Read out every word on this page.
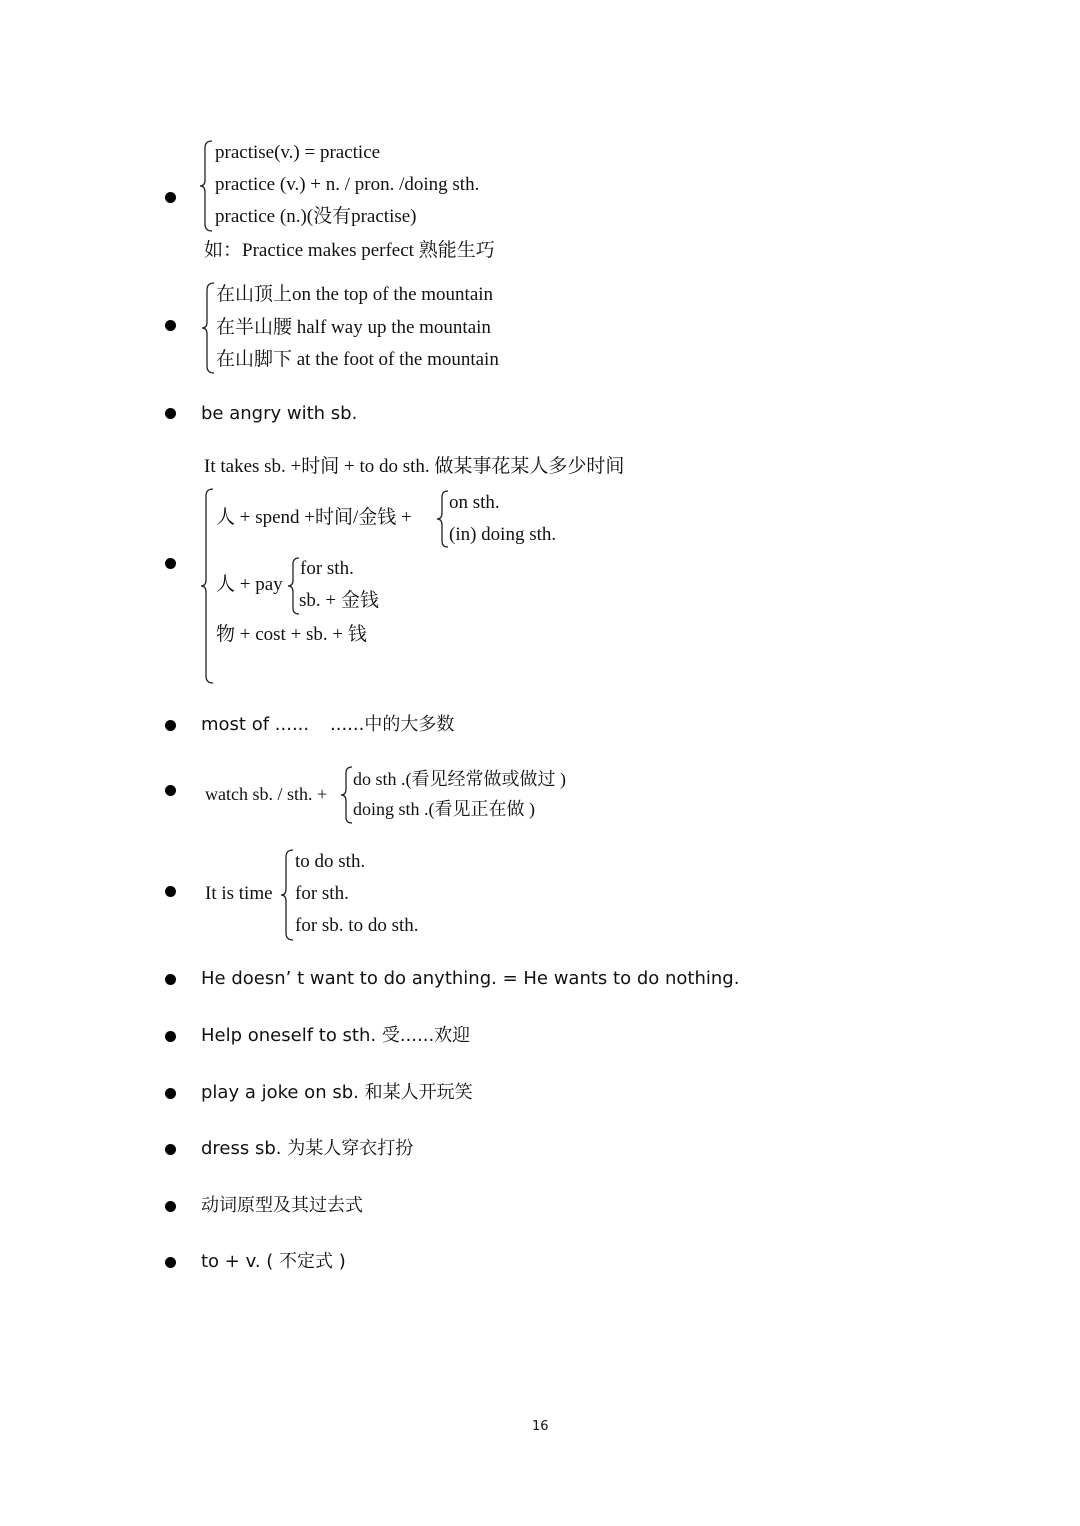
practise(v.) = practice
practice (v.) + n. / pron. /doing sth.
practice (n.)(没有practise)
如：Practice makes perfect 熟能生巧
在山顶上on the top of the mountain
在半山腰 half way up the mountain
在山脚下 at the foot of the mountain
be angry with sb.
It takes sb. +时间 + to do sth. 做某事花某人多少时间
人 + spend +时间/金钱 +
on sth.
(in) doing sth.
人 + pay
for sth.
sb. + 金钱
物 + cost + sb. + 钱
most of ...... ......中的大多数
watch sb. / sth. +
do sth .(看见经常做或做过 )
doing sth .(看见正在做 )
It is time
to do sth.
for sth.
for sb. to do sth.
He doesn’ t want to do anything. = He wants to do nothing.
Help oneself to sth. 受......欢迎
play a joke on sb. 和某人开玩笑
dress sb. 为某人穿衣打扮
动词原型及其过去式
to + v. ( 不定式 )
16
